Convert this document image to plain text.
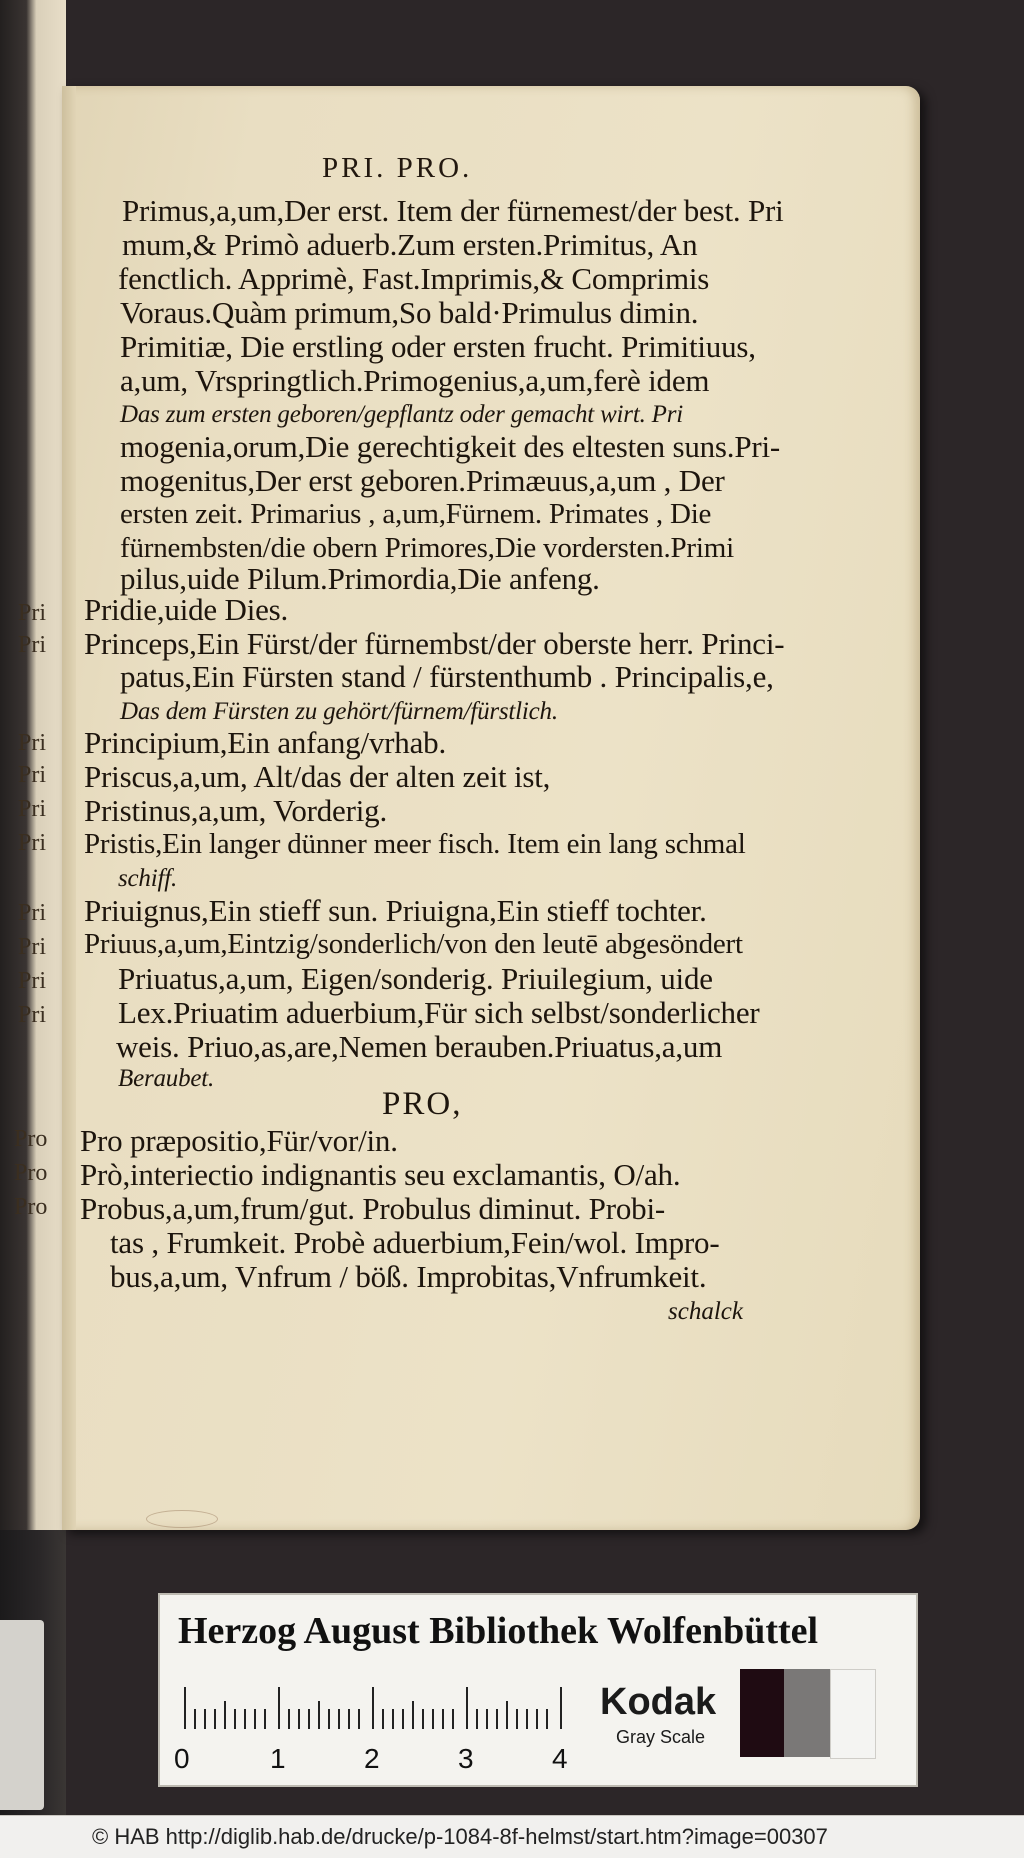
Pri
Pri
Pri
Pri
Pri
Pri
Pri
Pri
Pri
Pri
Pro
Pro
Pro
PRI. PRO.
Primus,a,um,Der erst. Item der fürnemest/der best. Pri
mum,& Primò aduerb.Zum ersten.Primitus, An
fenctlich. Apprimè, Fast.Imprimis,& Comprimis
Voraus.Quàm primum,So bald·Primulus dimin.
Primitiæ, Die erstling oder ersten frucht. Primitiuus,
a,um, Vrspringtlich.Primogenius,a,um,ferè idem
Das zum ersten geboren/gepflantz oder gemacht wirt. Pri
mogenia,orum,Die gerechtigkeit des eltesten suns.Pri-
mogenitus,Der erst geboren.Primæuus,a,um , Der
ersten zeit. Primarius , a,um,Fürnem. Primates , Die
fürnembsten/die obern Primores,Die vordersten.Primi
pilus,uide Pilum.Primordia,Die anfeng.
Pridie,uide Dies.
Princeps,Ein Fürst/der fürnembst/der oberste herr. Princi-
patus,Ein Fürsten stand / fürstenthumb . Principalis,e,
Das dem Fürsten zu gehört/fürnem/fürstlich.
Principium,Ein anfang/vrhab.
Priscus,a,um, Alt/das der alten zeit ist,
Pristinus,a,um, Vorderig.
Pristis,Ein langer dünner meer fisch. Item ein lang schmal
schiff.
Priuignus,Ein stieff sun. Priuigna,Ein stieff tochter.
Priuus,a,um,Eintzig/sonderlich/von den leutē abgesöndert
Priuatus,a,um, Eigen/sonderig. Priuilegium, uide
Lex.Priuatim aduerbium,Für sich selbst/sonderlicher
weis. Priuo,as,are,Nemen berauben.Priuatus,a,um
Beraubet.
PRO,
Pro præpositio,Für/vor/in.
Prò,interiectio indignantis seu exclamantis, O/ah.
Probus,a,um,frum/gut. Probulus diminut. Probi-
tas , Frumkeit. Probè aduerbium,Fein/wol. Impro-
bus,a,um, Vnfrum / böß. Improbitas,Vnfrumkeit.
schalck
Herzog August Bibliothek Wolfenbüttel
0	1	2	3	4
Kodak
Gray Scale
© HAB http://diglib.hab.de/drucke/p-1084-8f-helmst/start.htm?image=00307
